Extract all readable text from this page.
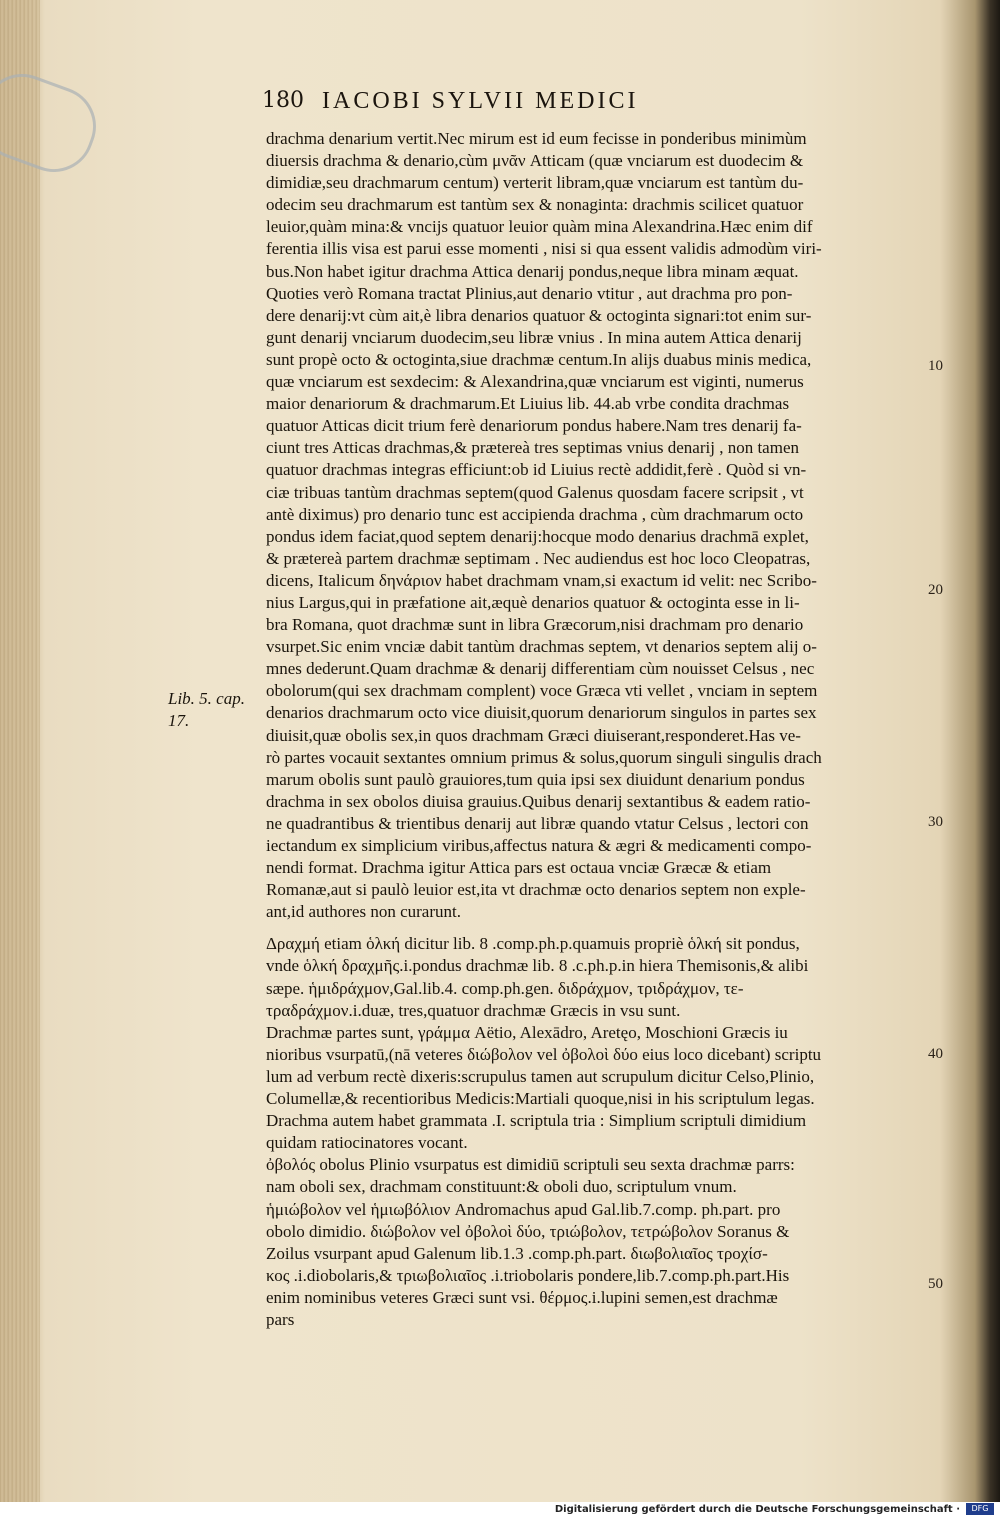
180 IACOBI SYLVII MEDICI
Lib. 5. cap.
17.
10
20
30
40
50
drachma denarium vertit.Nec mirum est id eum fecisse in ponderibus minimùm
diuersis drachma & denario,cùm μνᾶν Atticam (quæ vnciarum est duodecim &
dimidiæ,seu drachmarum centum) verterit libram,quæ vnciarum est tantùm du-
odecim seu drachmarum est tantùm sex & nonaginta: drachmis scilicet quatuor
leuior,quàm mina:& vncijs quatuor leuior quàm mina Alexandrina.Hæc enim dif
ferentia illis visa est parui esse momenti , nisi si qua essent validis admodùm viri-
bus.Non habet igitur drachma Attica denarij pondus,neque libra minam æquat.
Quoties verò Romana tractat Plinius,aut denario vtitur , aut drachma pro pon-
dere denarij:vt cùm ait,è libra denarios quatuor & octoginta signari:tot enim sur-
gunt denarij vnciarum duodecim,seu libræ vnius . In mina autem Attica denarij
sunt propè octo & octoginta,siue drachmæ centum.In alijs duabus minis medica,
quæ vnciarum est sexdecim: & Alexandrina,quæ vnciarum est viginti, numerus
maior denariorum & drachmarum.Et Liuius lib. 44.ab vrbe condita drachmas
quatuor Atticas dicit trium ferè denariorum pondus habere.Nam tres denarij fa-
ciunt tres Atticas drachmas,& prætereà tres septimas vnius denarij , non tamen
quatuor drachmas integras efficiunt:ob id Liuius rectè addidit,ferè . Quòd si vn-
ciæ tribuas tantùm drachmas septem(quod Galenus quosdam facere scripsit , vt
antè diximus) pro denario tunc est accipienda drachma , cùm drachmarum octo
pondus idem faciat,quod septem denarij:hocque modo denarius drachmā explet,
& prætereà partem drachmæ septimam . Nec audiendus est hoc loco Cleopatras,
dicens, Italicum δηνάριον habet drachmam vnam,si exactum id velit: nec Scribo-
nius Largus,qui in præfatione ait,æquè denarios quatuor & octoginta esse in li-
bra Romana, quot drachmæ sunt in libra Græcorum,nisi drachmam pro denario
vsurpet.Sic enim vnciæ dabit tantùm drachmas septem, vt denarios septem alij o-
mnes dederunt.Quam drachmæ & denarij differentiam cùm nouisset Celsus , nec
obolorum(qui sex drachmam complent) voce Græca vti vellet , vnciam in septem
denarios drachmarum octo vice diuisit,quorum denariorum singulos in partes sex
diuisit,quæ obolis sex,in quos drachmam Græci diuiserant,responderet.Has ve-
rò partes vocauit sextantes omnium primus & solus,quorum singuli singulis drach
marum obolis sunt paulò grauiores,tum quia ipsi sex diuidunt denarium pondus
drachma in sex obolos diuisa grauius.Quibus denarij sextantibus & eadem ratio-
ne quadrantibus & trientibus denarij aut libræ quando vtatur Celsus , lectori con
iectandum ex simplicium viribus,affectus natura & ægri & medicamenti compo-
nendi format. Drachma igitur Attica pars est octaua vnciæ Græcæ & etiam
Romanæ,aut si paulò leuior est,ita vt drachmæ octo denarios septem non exple-
ant,id authores non curarunt.
Δραχμή etiam ὁλκή dicitur lib. 8 .comp.ph.p.quamuis propriè ὁλκή sit pondus,
vnde ὁλκή δραχμῆς.i.pondus drachmæ lib. 8 .c.ph.p.in hiera Themisonis,& alibi
sæpe. ἡμιδράχμον,Gal.lib.4. comp.ph.gen. διδράχμον, τριδράχμον, τε-
τραδράχμον.i.duæ, tres,quatuor drachmæ Græcis in vsu sunt.
Drachmæ partes sunt, γράμμα Aëtio, Alexādro, Aretęo, Moschioni Græcis iu
nioribus vsurpatū,(nā veteres διώβολον vel ὀβολοὶ δύο eius loco dicebant) scriptu
lum ad verbum rectè dixeris:scrupulus tamen aut scrupulum dicitur Celso,Plinio,
Columellæ,& recentioribus Medicis:Martiali quoque,nisi in his scriptulum legas.
Drachma autem habet grammata .I. scriptula tria : Simplium scriptuli dimidium
quidam ratiocinatores vocant.
ὀβολός obolus Plinio vsurpatus est dimidiū scriptuli seu sexta drachmæ parrs:
nam oboli sex, drachmam constituunt:& oboli duo, scriptulum vnum.
ἡμιώβολον vel ἡμιωβόλιον Andromachus apud Gal.lib.7.comp. ph.part. pro
obolo dimidio. διώβολον vel ὀβολοὶ δύο, τριώβολον, τετρώβολον Soranus &
Zoilus vsurpant apud Galenum lib.1.3 .comp.ph.part. διωβολιαῖος τροχίσ-
κος .i.diobolaris,& τριωβολιαῖος .i.triobolaris pondere,lib.7.comp.ph.part.His
enim nominibus veteres Græci sunt vsi. θέρμος.i.lupini semen,est drachmæ
pars
Digitalisierung gefördert durch die Deutsche Forschungsgemeinschaft ·	DFG
